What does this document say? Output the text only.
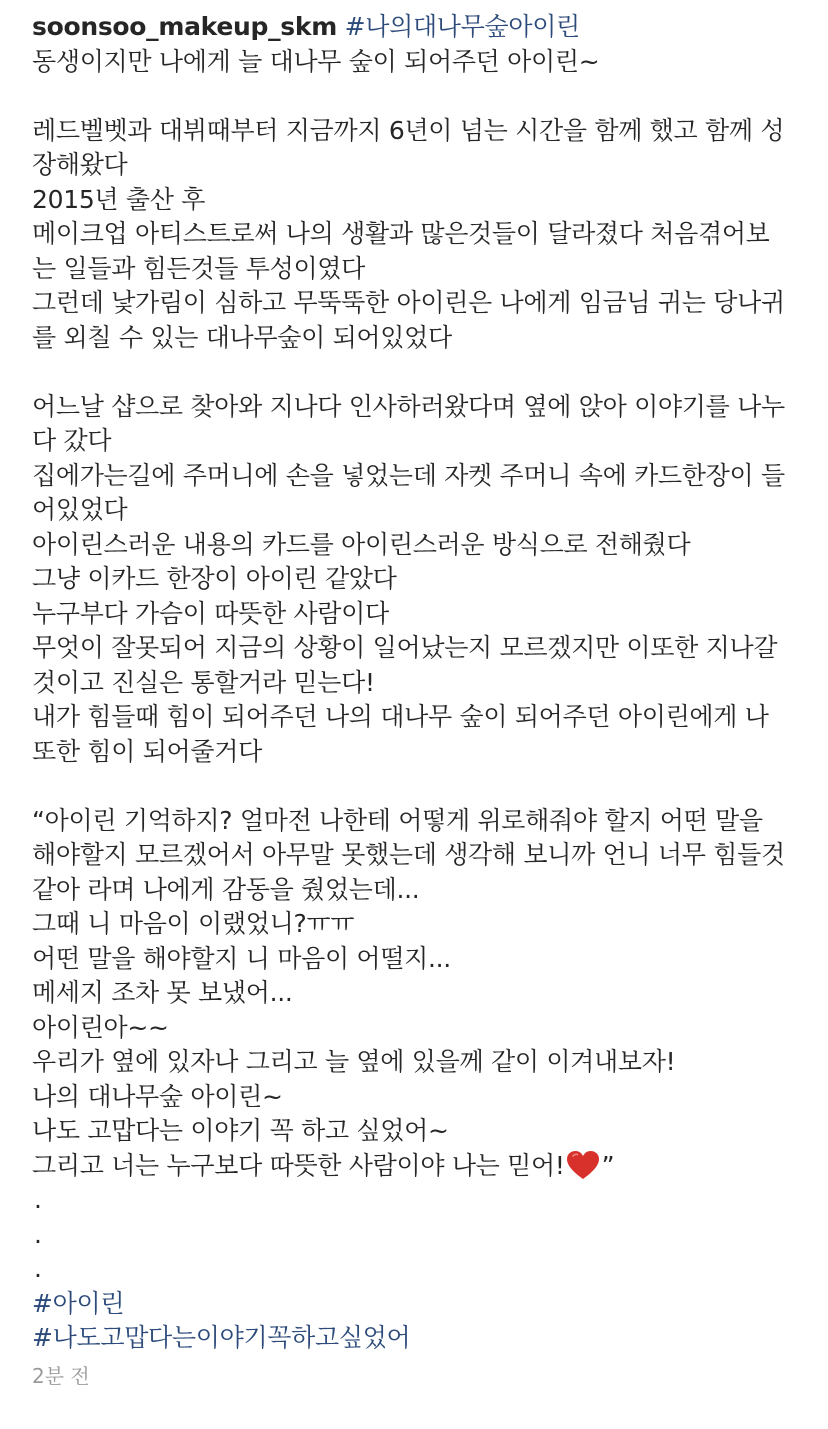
soonsoo_makeup_skm #나의대나무숲아이린
동생이지만 나에게 늘 대나무 숲이 되어주던 아이린~
레드벨벳과 대뷔때부터 지금까지 6년이 넘는 시간을 함께 했고 함께 성
장해왔다
2015년 출산 후
메이크업 아티스트로써 나의 생활과 많은것들이 달라졌다 처음겪어보
는 일들과 힘든것들 투성이였다
그런데 낯가림이 심하고 무뚝뚝한 아이린은 나에게 임금님 귀는 당나귀
를 외칠 수 있는 대나무숲이 되어있었다
어느날 샵으로 찾아와 지나다 인사하러왔다며 옆에 앉아 이야기를 나누
다 갔다
집에가는길에 주머니에 손을 넣었는데 자켓 주머니 속에 카드한장이 들
어있었다
아이린스러운 내용의 카드를 아이린스러운 방식으로 전해줬다
그냥 이카드 한장이 아이린 같았다
누구부다 가슴이 따뜻한 사람이다
무엇이 잘못되어 지금의 상황이 일어났는지 모르겠지만 이또한 지나갈
것이고 진실은 통할거라 믿는다!
내가 힘들때 힘이 되어주던 나의 대나무 숲이 되어주던 아이린에게 나
또한 힘이 되어줄거다
“아이린 기억하지? 얼마전 나한테 어떻게 위로해줘야 할지 어떤 말을
해야할지 모르겠어서 아무말 못했는데 생각해 보니까 언니 너무 힘들것
같아 라며 나에게 감동을 줬었는데...
그때 니 마음이 이랬었니?ㅠㅠ
어떤 말을 해야할지 니 마음이 어떨지...
메세지 조차 못 보냈어...
아이린아~~
우리가 옆에 있자나 그리고 늘 옆에 있을께 같이 이겨내보자!
나의 대나무숲 아이린~
나도 고맙다는 이야기 꼭 하고 싶었어~
그리고 너는 누구보다 따뜻한 사람이야 나는 믿어! ”
.
.
.
#아이린
#나도고맙다는이야기꼭하고싶었어
2분 전
